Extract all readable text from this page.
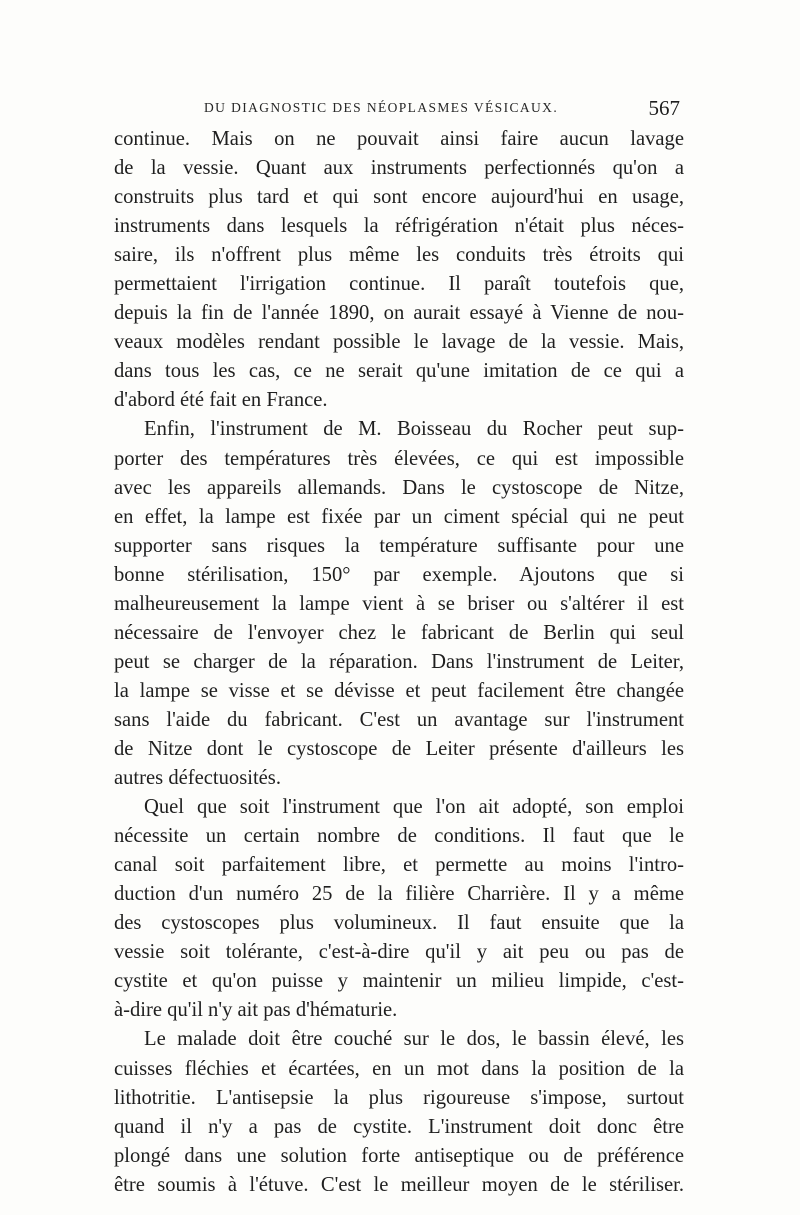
DU DIAGNOSTIC DES NÉOPLASMES VÉSICAUX.	567
continue. Mais on ne pouvait ainsi faire aucun lavage
de la vessie. Quant aux instruments perfectionnés qu'on a
construits plus tard et qui sont encore aujourd'hui en usage,
instruments dans lesquels la réfrigération n'était plus néces-
saire, ils n'offrent plus même les conduits très étroits qui
permettaient l'irrigation continue. Il paraît toutefois que,
depuis la fin de l'année 1890, on aurait essayé à Vienne de nou-
veaux modèles rendant possible le lavage de la vessie. Mais,
dans tous les cas, ce ne serait qu'une imitation de ce qui a
d'abord été fait en France.
Enfin, l'instrument de M. Boisseau du Rocher peut sup-
porter des températures très élevées, ce qui est impossible
avec les appareils allemands. Dans le cystoscope de Nitze,
en effet, la lampe est fixée par un ciment spécial qui ne peut
supporter sans risques la température suffisante pour une
bonne stérilisation, 150° par exemple. Ajoutons que si
malheureusement la lampe vient à se briser ou s'altérer il est
nécessaire de l'envoyer chez le fabricant de Berlin qui seul
peut se charger de la réparation. Dans l'instrument de Leiter,
la lampe se visse et se dévisse et peut facilement être changée
sans l'aide du fabricant. C'est un avantage sur l'instrument
de Nitze dont le cystoscope de Leiter présente d'ailleurs les
autres défectuosités.
Quel que soit l'instrument que l'on ait adopté, son emploi
nécessite un certain nombre de conditions. Il faut que le
canal soit parfaitement libre, et permette au moins l'intro-
duction d'un numéro 25 de la filière Charrière. Il y a même
des cystoscopes plus volumineux. Il faut ensuite que la
vessie soit tolérante, c'est-à-dire qu'il y ait peu ou pas de
cystite et qu'on puisse y maintenir un milieu limpide, c'est-
à-dire qu'il n'y ait pas d'hématurie.
Le malade doit être couché sur le dos, le bassin élevé, les
cuisses fléchies et écartées, en un mot dans la position de la
lithotritie. L'antisepsie la plus rigoureuse s'impose, surtout
quand il n'y a pas de cystite. L'instrument doit donc être
plongé dans une solution forte antiseptique ou de préférence
être soumis à l'étuve. C'est le meilleur moyen de le stériliser.
